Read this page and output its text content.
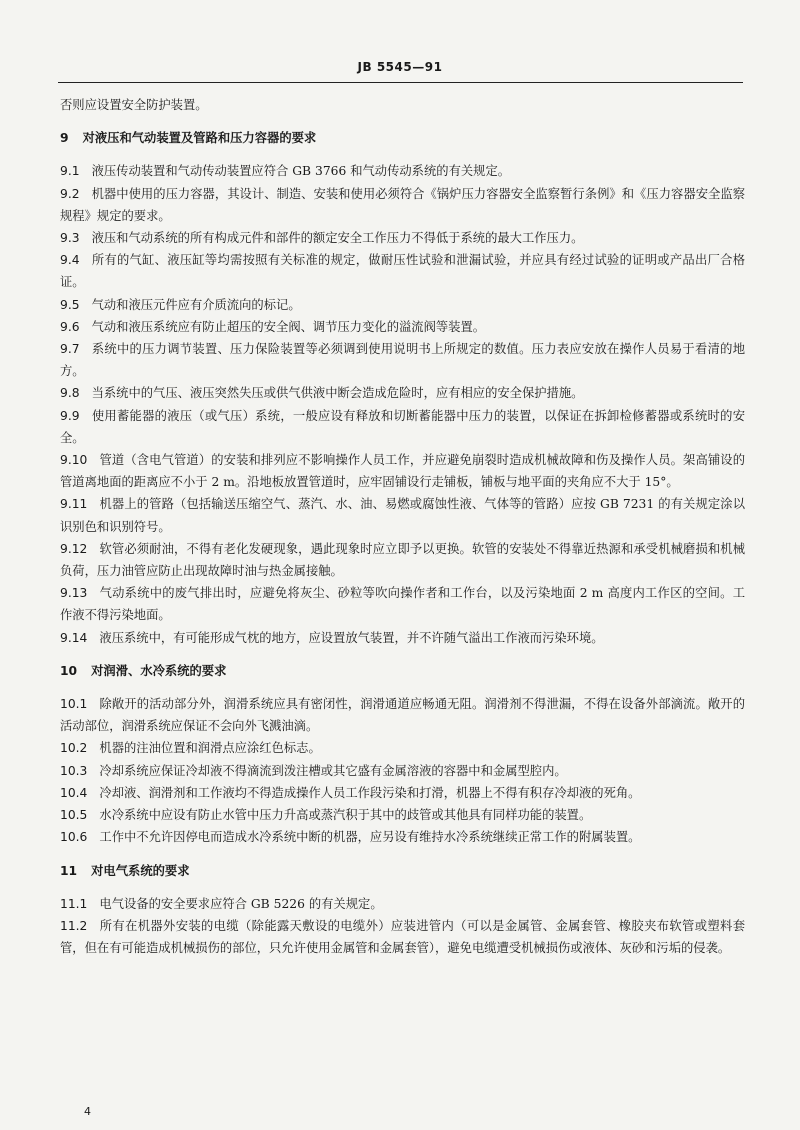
JB 5545—91
否则应设置安全防护装置。
9 对液压和气动装置及管路和压力容器的要求
9.1 液压传动装置和气动传动装置应符合 GB 3766 和气动传动系统的有关规定。
9.2 机器中使用的压力容器，其设计、制造、安装和使用必须符合《锅炉压力容器安全监察暂行条例》和《压力容器安全监察规程》规定的要求。
9.3 液压和气动系统的所有构成元件和部件的额定安全工作压力不得低于系统的最大工作压力。
9.4 所有的气缸、液压缸等均需按照有关标准的规定，做耐压性试验和泄漏试验，并应具有经过试验的证明或产品出厂合格证。
9.5 气动和液压元件应有介质流向的标记。
9.6 气动和液压系统应有防止超压的安全阀、调节压力变化的溢流阀等装置。
9.7 系统中的压力调节装置、压力保险装置等必须调到使用说明书上所规定的数值。压力表应安放在操作人员易于看清的地方。
9.8 当系统中的气压、液压突然失压或供气供液中断会造成危险时，应有相应的安全保护措施。
9.9 使用蓄能器的液压（或气压）系统，一般应设有释放和切断蓄能器中压力的装置，以保证在拆卸检修蓄器或系统时的安全。
9.10 管道（含电气管道）的安装和排列应不影响操作人员工作，并应避免崩裂时造成机械故障和伤及操作人员。架高铺设的管道离地面的距离应不小于 2 m。沿地板放置管道时，应牢固铺设行走铺板，铺板与地平面的夹角应不大于 15°。
9.11 机器上的管路（包括输送压缩空气、蒸汽、水、油、易燃或腐蚀性液、气体等的管路）应按 GB 7231 的有关规定涂以识别色和识别符号。
9.12 软管必须耐油，不得有老化发硬现象，遇此现象时应立即予以更换。软管的安装处不得靠近热源和承受机械磨损和机械负荷，压力油管应防止出现故障时油与热金属接触。
9.13 气动系统中的废气排出时，应避免将灰尘、砂粒等吹向操作者和工作台，以及污染地面 2 m 高度内工作区的空间。工作液不得污染地面。
9.14 液压系统中，有可能形成气枕的地方，应设置放气装置，并不许随气溢出工作液而污染环境。
10 对润滑、水冷系统的要求
10.1 除敞开的活动部分外，润滑系统应具有密闭性，润滑通道应畅通无阻。润滑剂不得泄漏，不得在设备外部滴流。敞开的活动部位，润滑系统应保证不会向外飞溅油滴。
10.2 机器的注油位置和润滑点应涂红色标志。
10.3 冷却系统应保证冷却液不得滴流到泼注槽或其它盛有金属溶液的容器中和金属型腔内。
10.4 冷却液、润滑剂和工作液均不得造成操作人员工作段污染和打滑，机器上不得有积存冷却液的死角。
10.5 水冷系统中应设有防止水管中压力升高或蒸汽积于其中的歧管或其他具有同样功能的装置。
10.6 工作中不允许因停电而造成水冷系统中断的机器，应另设有维持水冷系统继续正常工作的附属装置。
11 对电气系统的要求
11.1 电气设备的安全要求应符合 GB 5226 的有关规定。
11.2 所有在机器外安装的电缆（除能露天敷设的电缆外）应装进管内（可以是金属管、金属套管、橡胶夹布软管或塑料套管，但在有可能造成机械损伤的部位，只允许使用金属管和金属套管），避免电缆遭受机械损伤或液体、灰砂和污垢的侵袭。
4
